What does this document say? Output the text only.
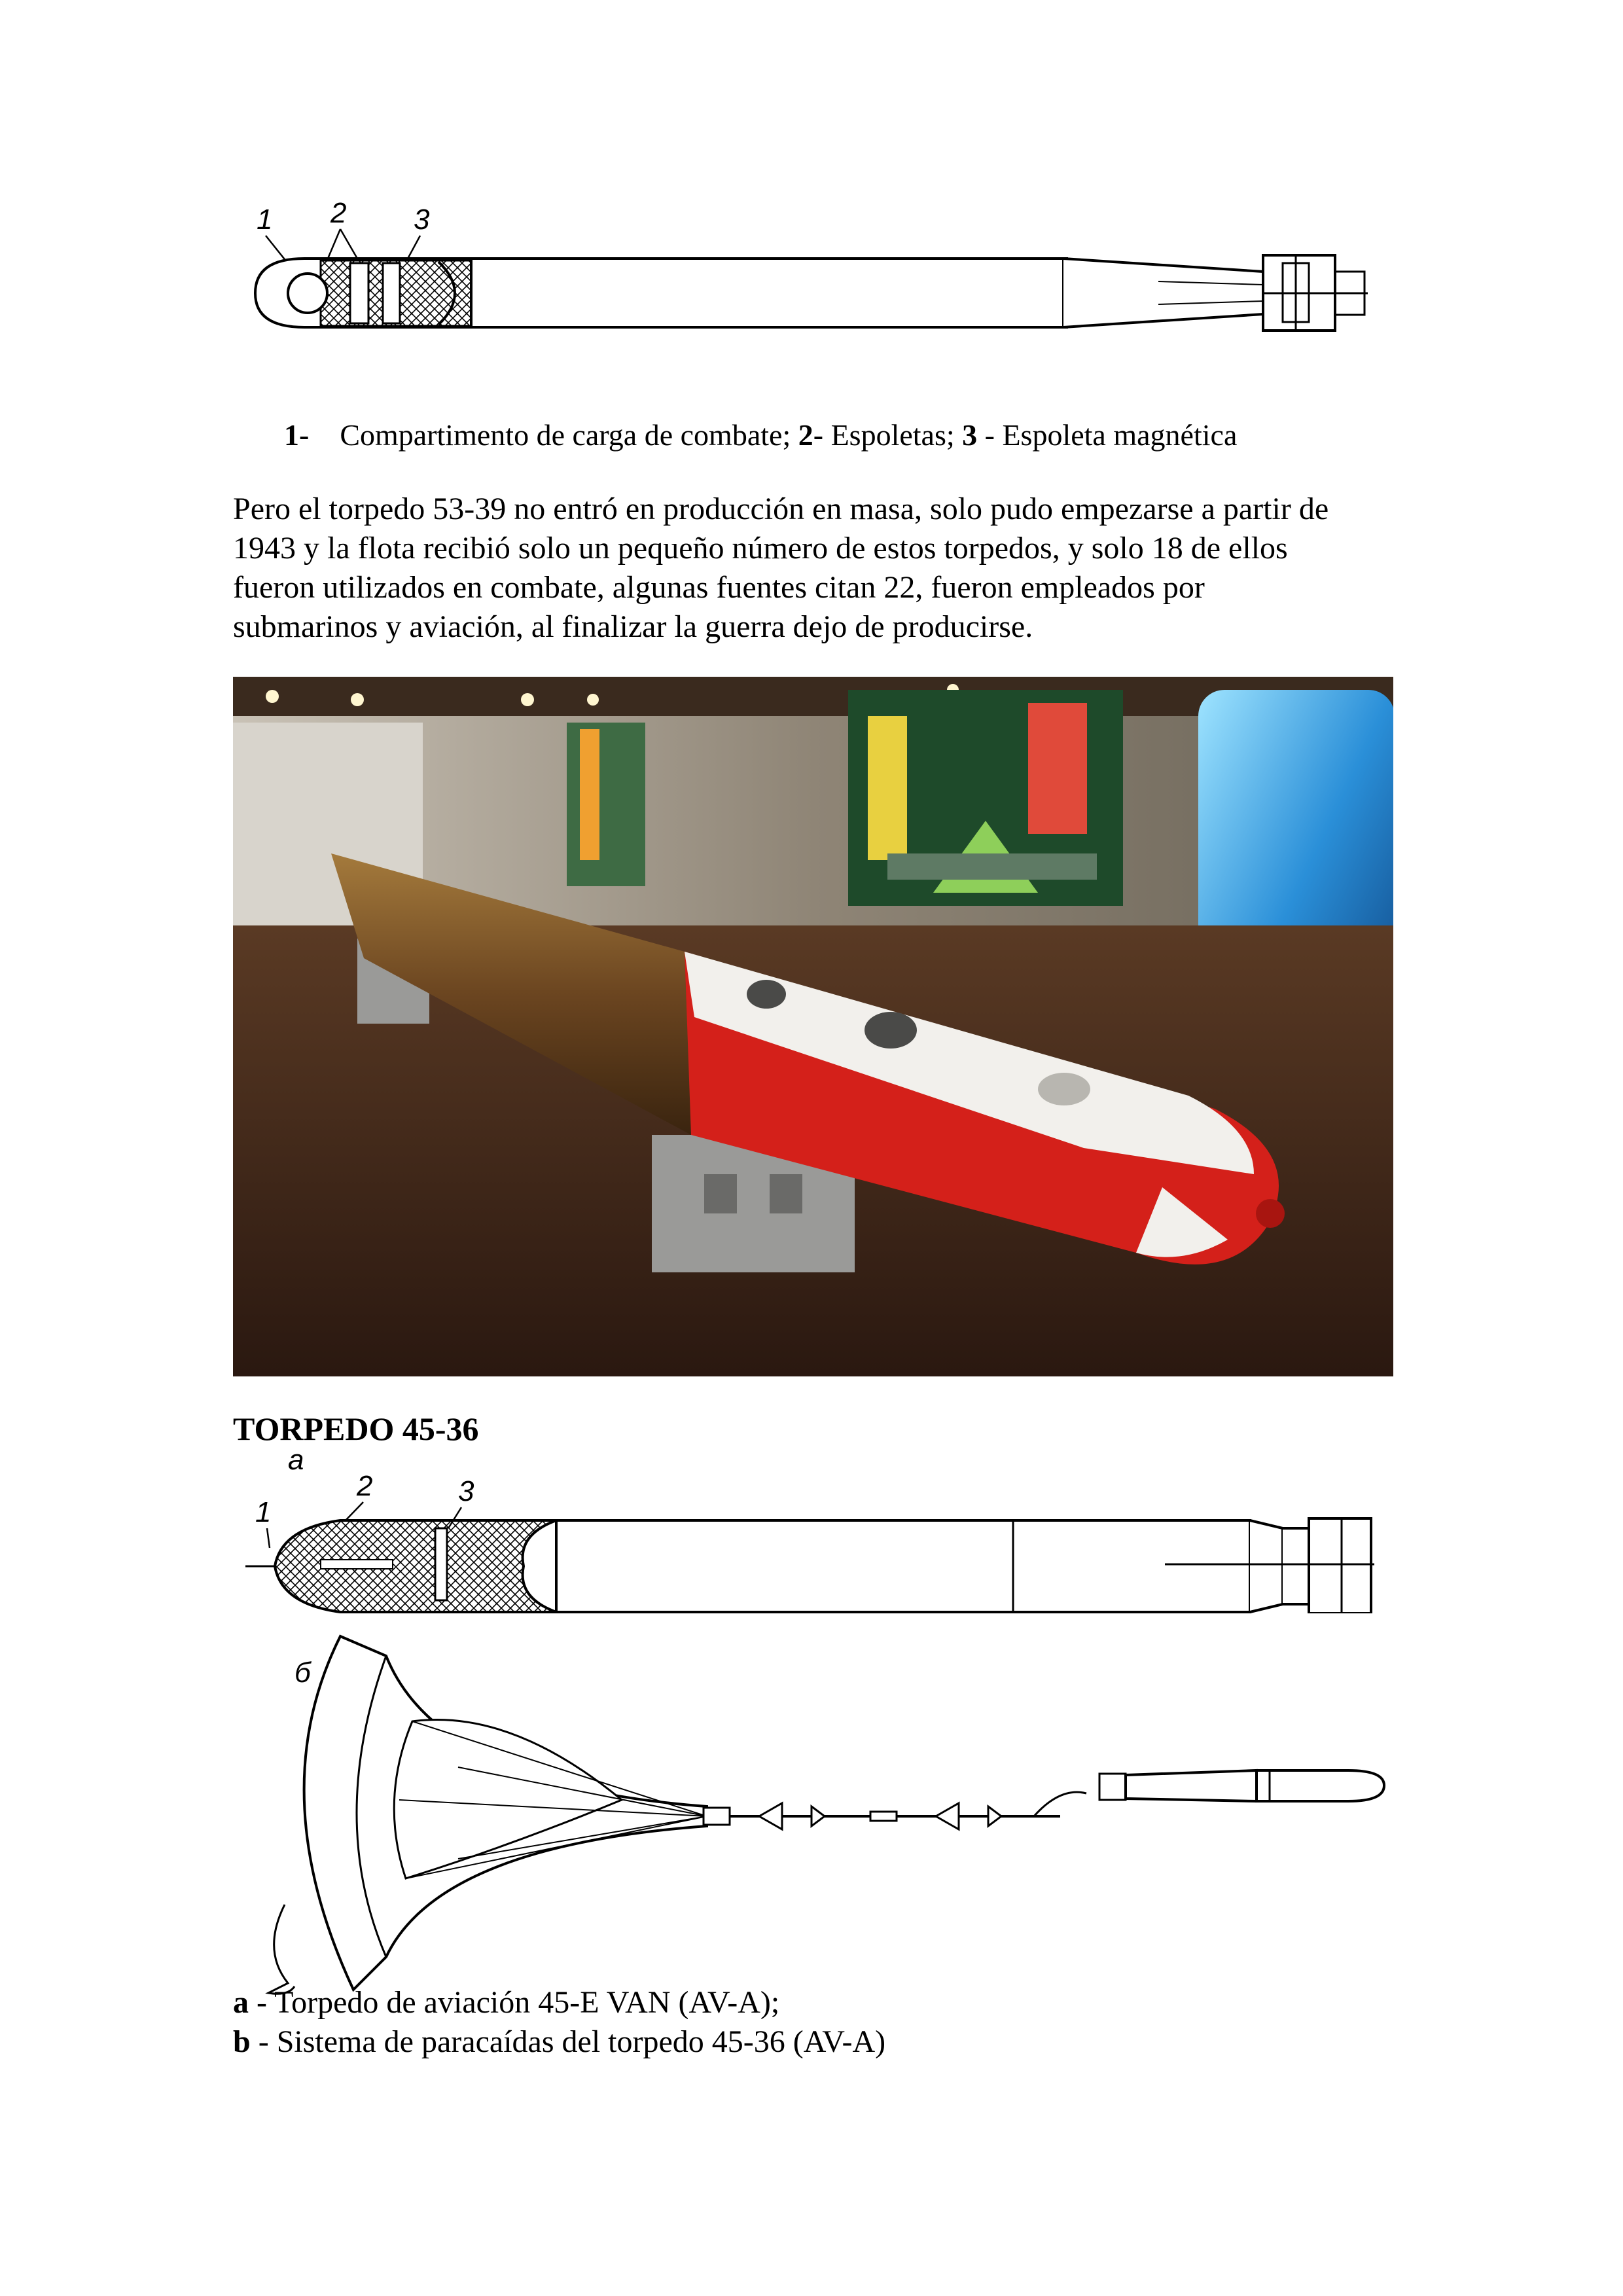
1 2 3
1- Compartimento de carga de combate; 2- Espoletas; 3 - Espoleta magnética
Pero el torpedo 53-39 no entró en producción en masa, solo pudo empezarse a partir de
1943 y la flota recibió solo un pequeño número de estos torpedos, y solo 18 de ellos
fueron utilizados en combate, algunas fuentes citan 22, fueron empleados por
submarinos y aviación, al finalizar la guerra dejo de producirse.
TORPEDO 45-36
a
1
2	3
б
a - Torpedo de aviación 45-E VAN (AV-A);
b - Sistema de paracaídas del torpedo 45-36 (AV-A)
